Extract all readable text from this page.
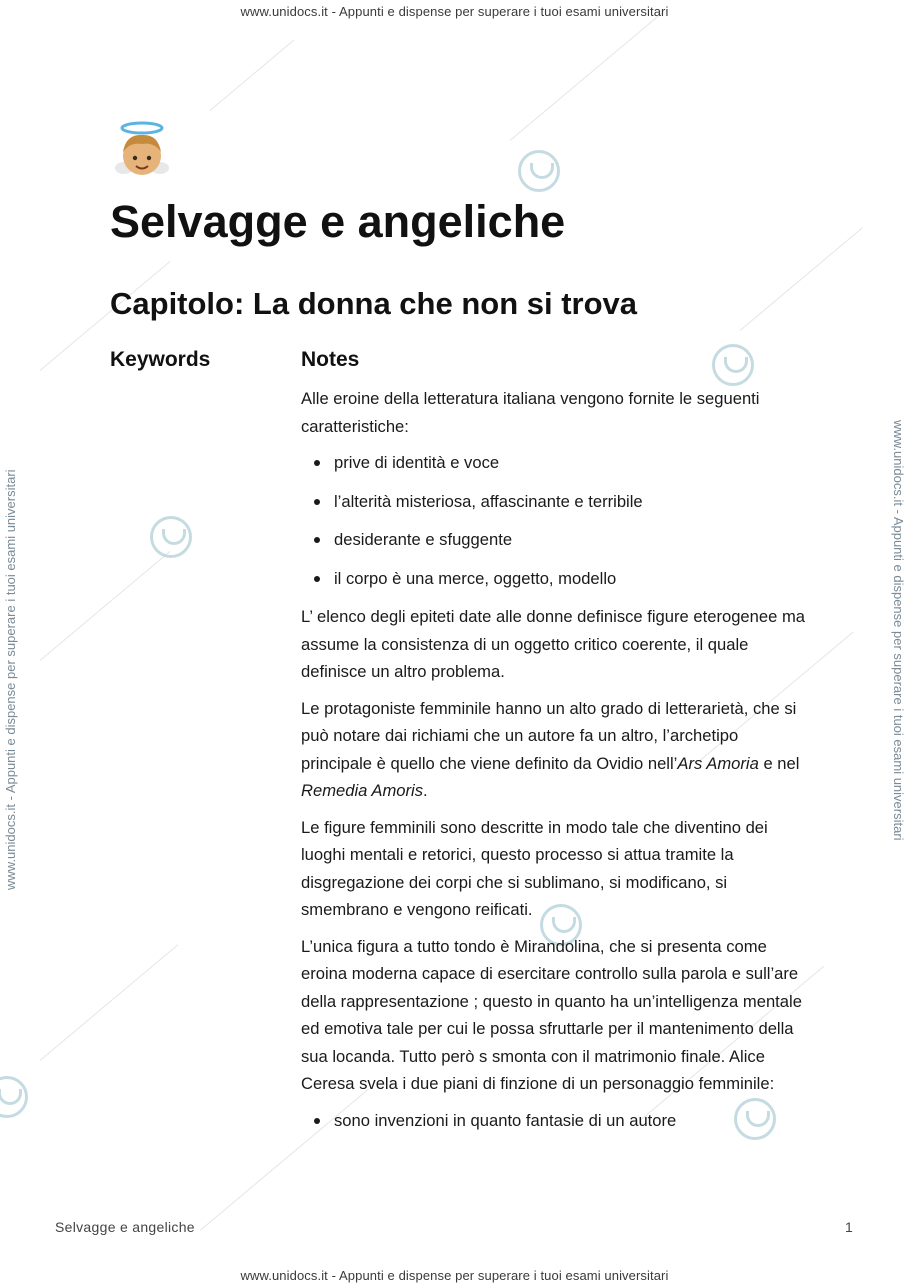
www.unidocs.it - Appunti e dispense per superare i tuoi esami universitari
www.unidocs.it - Appunti e dispense per superare i tuoi esami universitari
www.unidocs.it - Appunti e dispense per superare i tuoi esami universitari	www.unidocs.it - Appunti e dispense per superare i tuoi esami universitari
Selvagge e angeliche
Capitolo: La donna che non si trova
Keywords	Notes

Alle eroine della letteratura italiana vengono fornite le seguenti caratteristiche:

prive di identità e voce
l’alterità misteriosa, affascinante e terribile
desiderante e sfuggente
il corpo è una merce, oggetto, modello

L’ elenco degli epiteti date alle donne definisce figure eterogenee ma assume la consistenza di un oggetto critico coerente, il quale definisce un altro problema.

Le protagoniste femminile hanno un alto grado di letterarietà, che si può notare dai richiami che un autore fa un altro, l’archetipo principale è quello che viene definito da Ovidio nell’Ars Amoria e nel Remedia Amoris.

Le figure femminili sono descritte in modo tale che diventino dei luoghi mentali e retorici, questo processo si attua tramite la disgregazione dei corpi che si sublimano, si modificano, si smembrano e vengono reificati.

L’unica figura a tutto tondo è Mirandolina, che si presenta come eroina moderna capace di esercitare controllo sulla parola e sull’are della rappresentazione ; questo in quanto ha un’intelligenza mentale ed emotiva tale per cui le possa sfruttarle per il mantenimento della sua locanda. Tutto però s smonta con il matrimonio finale. Alice Ceresa svela i due piani di finzione di un personaggio femminile:

sono invenzioni in quanto fantasie di un autore
Selvagge e angeliche	1
